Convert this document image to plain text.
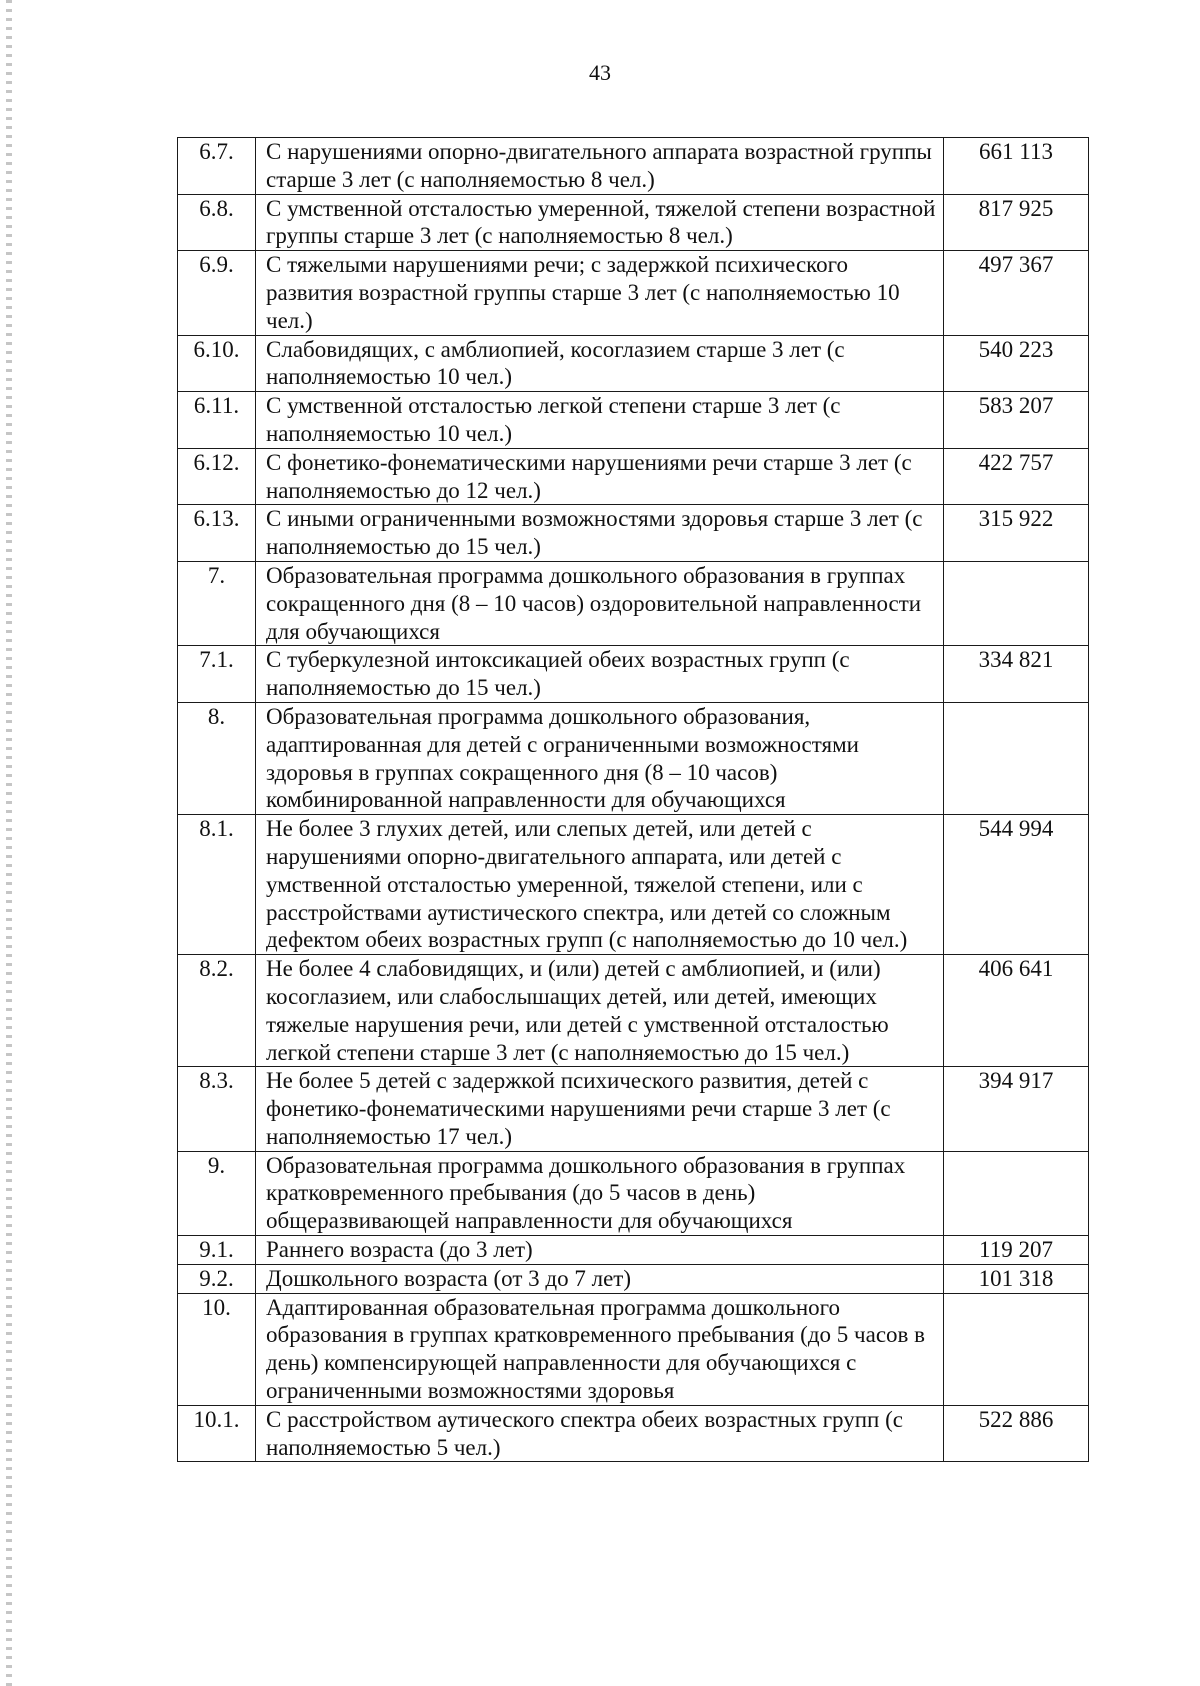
43
6.7.	С нарушениями опорно-двигательного аппарата возрастной группы старше 3 лет (с наполняемостью 8 чел.)	661 113
6.8.	С умственной отсталостью умеренной, тяжелой степени возрастной группы старше 3 лет (с наполняемостью 8 чел.)	817 925
6.9.	С тяжелыми нарушениями речи; с задержкой психического развития возрастной группы старше 3 лет (с наполняемостью 10 чел.)	497 367
6.10.	Слабовидящих, с амблиопией, косоглазием старше 3 лет (с наполняемостью 10 чел.)	540 223
6.11.	С умственной отсталостью легкой степени старше 3 лет (с наполняемостью 10 чел.)	583 207
6.12.	С фонетико-фонематическими нарушениями речи старше 3 лет (с наполняемостью до 12 чел.)	422 757
6.13.	С иными ограниченными возможностями здоровья старше 3 лет (с наполняемостью до 15 чел.)	315 922
7.	Образовательная программа дошкольного образования в группах сокращенного дня (8 – 10 часов) оздоровительной направленности для обучающихся	
7.1.	С туберкулезной интоксикацией обеих возрастных групп (с наполняемостью до 15 чел.)	334 821
8.	Образовательная программа дошкольного образования, адаптированная для детей с ограниченными возможностями здоровья в группах сокращенного дня (8 – 10 часов) комбинированной направленности для обучающихся	
8.1.	Не более 3 глухих детей, или слепых детей, или детей с нарушениями опорно-двигательного аппарата, или детей с умственной отсталостью умеренной, тяжелой степени, или с расстройствами аутистического спектра, или детей со сложным дефектом обеих возрастных групп (с наполняемостью до 10 чел.)	544 994
8.2.	Не более 4 слабовидящих, и (или) детей с амблиопией, и (или) косоглазием, или слабослышащих детей, или детей, имеющих тяжелые нарушения речи, или детей с умственной отсталостью легкой степени старше 3 лет (с наполняемостью до 15 чел.)	406 641
8.3.	Не более 5 детей с задержкой психического развития, детей с фонетико-фонематическими нарушениями речи старше 3 лет (с наполняемостью 17 чел.)	394 917
9.	Образовательная программа дошкольного образования в группах кратковременного пребывания (до 5 часов в день) общеразвивающей направленности для обучающихся	
9.1.	Раннего возраста (до 3 лет)	119 207
9.2.	Дошкольного возраста (от 3 до 7 лет)	101 318
10.	Адаптированная образовательная программа дошкольного образования в группах кратковременного пребывания (до 5 часов в день) компенсирующей направленности для обучающихся с ограниченными возможностями здоровья	
10.1.	С расстройством аутического спектра обеих возрастных групп (с наполняемостью 5 чел.)	522 886
